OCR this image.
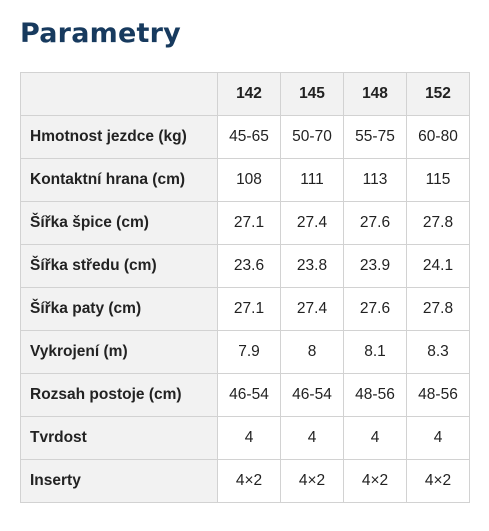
Parametry
	142	145	148	152
Hmotnost jezdce (kg)	45-65	50-70	55-75	60-80
Kontaktní hrana (cm)	108	111	113	115
Šířka špice (cm)	27.1	27.4	27.6	27.8
Šířka středu (cm)	23.6	23.8	23.9	24.1
Šířka paty (cm)	27.1	27.4	27.6	27.8
Vykrojení (m)	7.9	8	8.1	8.3
Rozsah postoje (cm)	46-54	46-54	48-56	48-56
Tvrdost	4	4	4	4
Inserty	4×2	4×2	4×2	4×2
